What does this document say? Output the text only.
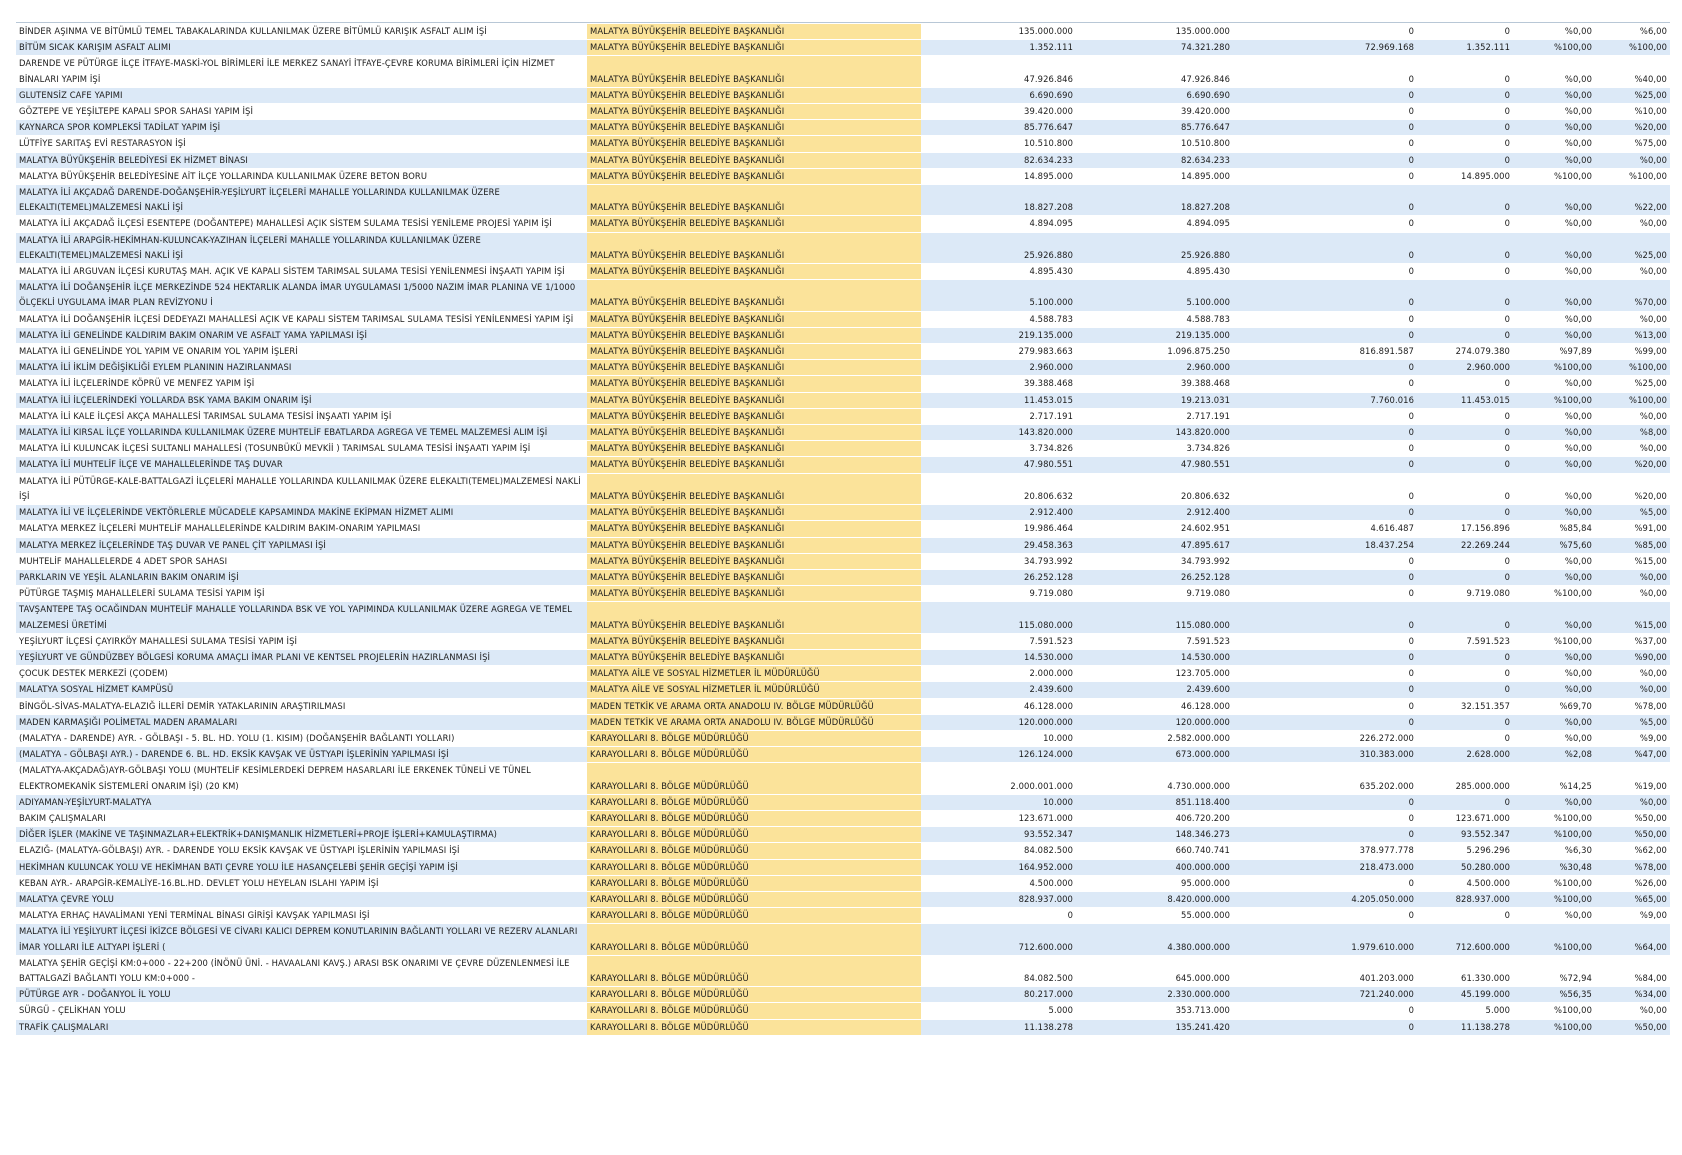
BİNDER AŞINMA VE BİTÜMLÜ TEMEL TABAKALARINDA KULLANILMAK ÜZERE BİTÜMLÜ KARIŞIK ASFALT ALIM İŞİ	MALATYA BÜYÜKŞEHİR BELEDİYE BAŞKANLIĞI	135.000.000	135.000.000	0	0	%0,00	%6,00
BİTÜM SICAK KARIŞIM ASFALT ALIMI	MALATYA BÜYÜKŞEHİR BELEDİYE BAŞKANLIĞI	1.352.111	74.321.280	72.969.168	1.352.111	%100,00	%100,00
DARENDE VE PÜTÜRGE İLÇE İTFAYE-MASKİ-YOL BİRİMLERİ İLE MERKEZ SANAYİ İTFAYE-ÇEVRE KORUMA BİRİMLERİ İÇİN HİZMET BİNALARI YAPIM İŞİ	MALATYA BÜYÜKŞEHİR BELEDİYE BAŞKANLIĞI	47.926.846	47.926.846	0	0	%0,00	%40,00
GLUTENSİZ CAFE YAPIMI	MALATYA BÜYÜKŞEHİR BELEDİYE BAŞKANLIĞI	6.690.690	6.690.690	0	0	%0,00	%25,00
GÖZTEPE VE YEŞİLTEPE KAPALI SPOR SAHASI YAPIM İŞİ	MALATYA BÜYÜKŞEHİR BELEDİYE BAŞKANLIĞI	39.420.000	39.420.000	0	0	%0,00	%10,00
KAYNARCA SPOR KOMPLEKSİ TADİLAT YAPIM İŞİ	MALATYA BÜYÜKŞEHİR BELEDİYE BAŞKANLIĞI	85.776.647	85.776.647	0	0	%0,00	%20,00
LÜTFİYE SARITAŞ EVİ RESTARASYON İŞİ	MALATYA BÜYÜKŞEHİR BELEDİYE BAŞKANLIĞI	10.510.800	10.510.800	0	0	%0,00	%75,00
MALATYA BÜYÜKŞEHİR BELEDİYESİ EK HİZMET BİNASI	MALATYA BÜYÜKŞEHİR BELEDİYE BAŞKANLIĞI	82.634.233	82.634.233	0	0	%0,00	%0,00
MALATYA BÜYÜKŞEHİR BELEDİYESİNE AİT İLÇE YOLLARINDA KULLANILMAK ÜZERE BETON BORU	MALATYA BÜYÜKŞEHİR BELEDİYE BAŞKANLIĞI	14.895.000	14.895.000	0	14.895.000	%100,00	%100,00
MALATYA İLİ AKÇADAĞ DARENDE-DOĞANŞEHİR-YEŞİLYURT İLÇELERİ MAHALLE YOLLARINDA KULLANILMAK ÜZERE ELEKALTI(TEMEL)MALZEMESİ NAKLİ İŞİ	MALATYA BÜYÜKŞEHİR BELEDİYE BAŞKANLIĞI	18.827.208	18.827.208	0	0	%0,00	%22,00
MALATYA İLİ AKÇADAĞ İLÇESİ ESENTEPE (DOĞANTEPE) MAHALLESİ AÇIK SİSTEM SULAMA TESİSİ YENİLEME PROJESİ YAPIM İŞİ	MALATYA BÜYÜKŞEHİR BELEDİYE BAŞKANLIĞI	4.894.095	4.894.095	0	0	%0,00	%0,00
MALATYA İLİ ARAPGİR-HEKİMHAN-KULUNCAK-YAZIHAN İLÇELERİ MAHALLE YOLLARINDA KULLANILMAK ÜZERE ELEKALTI(TEMEL)MALZEMESİ NAKLİ İŞİ	MALATYA BÜYÜKŞEHİR BELEDİYE BAŞKANLIĞI	25.926.880	25.926.880	0	0	%0,00	%25,00
MALATYA İLİ ARGUVAN İLÇESİ KURUTAŞ MAH. AÇIK VE KAPALI SİSTEM TARIMSAL SULAMA TESİSİ YENİLENMESİ İNŞAATI YAPIM İŞİ	MALATYA BÜYÜKŞEHİR BELEDİYE BAŞKANLIĞI	4.895.430	4.895.430	0	0	%0,00	%0,00
MALATYA İLİ DOĞANŞEHİR İLÇE MERKEZİNDE 524 HEKTARLIK ALANDA İMAR UYGULAMASI 1/5000 NAZIM İMAR PLANINA VE 1/1000 ÖLÇEKLİ UYGULAMA İMAR PLAN REVİZYONU İ	MALATYA BÜYÜKŞEHİR BELEDİYE BAŞKANLIĞI	5.100.000	5.100.000	0	0	%0,00	%70,00
MALATYA İLİ DOĞANŞEHİR İLÇESİ DEDEYAZI MAHALLESİ AÇIK VE KAPALI SİSTEM TARIMSAL SULAMA TESİSİ YENİLENMESİ YAPIM İŞİ	MALATYA BÜYÜKŞEHİR BELEDİYE BAŞKANLIĞI	4.588.783	4.588.783	0	0	%0,00	%0,00
MALATYA İLİ GENELİNDE KALDIRIM BAKIM ONARIM VE ASFALT YAMA YAPILMASI İŞİ	MALATYA BÜYÜKŞEHİR BELEDİYE BAŞKANLIĞI	219.135.000	219.135.000	0	0	%0,00	%13,00
MALATYA İLİ GENELİNDE YOL YAPIM VE ONARIM YOL YAPIM İŞLERİ	MALATYA BÜYÜKŞEHİR BELEDİYE BAŞKANLIĞI	279.983.663	1.096.875.250	816.891.587	274.079.380	%97,89	%99,00
MALATYA İLİ İKLİM DEĞİŞİKLİĞİ EYLEM PLANININ HAZIRLANMASI	MALATYA BÜYÜKŞEHİR BELEDİYE BAŞKANLIĞI	2.960.000	2.960.000	0	2.960.000	%100,00	%100,00
MALATYA İLİ İLÇELERİNDE KÖPRÜ VE MENFEZ YAPIM İŞİ	MALATYA BÜYÜKŞEHİR BELEDİYE BAŞKANLIĞI	39.388.468	39.388.468	0	0	%0,00	%25,00
MALATYA İLİ İLÇELERİNDEKİ YOLLARDA BSK YAMA BAKIM ONARIM İŞİ	MALATYA BÜYÜKŞEHİR BELEDİYE BAŞKANLIĞI	11.453.015	19.213.031	7.760.016	11.453.015	%100,00	%100,00
MALATYA İLİ KALE İLÇESİ AKÇA MAHALLESİ TARIMSAL SULAMA TESİSİ İNŞAATI YAPIM İŞİ	MALATYA BÜYÜKŞEHİR BELEDİYE BAŞKANLIĞI	2.717.191	2.717.191	0	0	%0,00	%0,00
MALATYA İLİ KIRSAL İLÇE YOLLARINDA KULLANILMAK ÜZERE MUHTELİF EBATLARDA AGREGA VE TEMEL MALZEMESİ ALIM İŞİ	MALATYA BÜYÜKŞEHİR BELEDİYE BAŞKANLIĞI	143.820.000	143.820.000	0	0	%0,00	%8,00
MALATYA İLİ KULUNCAK İLÇESİ SULTANLI MAHALLESİ (TOSUNBÜKÜ MEVKİİ ) TARIMSAL SULAMA TESİSİ İNŞAATI YAPIM İŞİ	MALATYA BÜYÜKŞEHİR BELEDİYE BAŞKANLIĞI	3.734.826	3.734.826	0	0	%0,00	%0,00
MALATYA İLİ MUHTELİF İLÇE VE MAHALLELERİNDE TAŞ DUVAR	MALATYA BÜYÜKŞEHİR BELEDİYE BAŞKANLIĞI	47.980.551	47.980.551	0	0	%0,00	%20,00
MALATYA İLİ PÜTÜRGE-KALE-BATTALGAZİ İLÇELERİ MAHALLE YOLLARINDA KULLANILMAK ÜZERE ELEKALTI(TEMEL)MALZEMESİ NAKLİ İŞİ	MALATYA BÜYÜKŞEHİR BELEDİYE BAŞKANLIĞI	20.806.632	20.806.632	0	0	%0,00	%20,00
MALATYA İLİ VE İLÇELERİNDE VEKTÖRLERLE MÜCADELE KAPSAMINDA MAKİNE EKİPMAN HİZMET ALIMI	MALATYA BÜYÜKŞEHİR BELEDİYE BAŞKANLIĞI	2.912.400	2.912.400	0	0	%0,00	%5,00
MALATYA MERKEZ İLÇELERİ MUHTELİF MAHALLELERİNDE KALDIRIM BAKIM-ONARIM YAPILMASI	MALATYA BÜYÜKŞEHİR BELEDİYE BAŞKANLIĞI	19.986.464	24.602.951	4.616.487	17.156.896	%85,84	%91,00
MALATYA MERKEZ İLÇELERİNDE TAŞ DUVAR VE PANEL ÇİT YAPILMASI İŞİ	MALATYA BÜYÜKŞEHİR BELEDİYE BAŞKANLIĞI	29.458.363	47.895.617	18.437.254	22.269.244	%75,60	%85,00
MUHTELİF MAHALLELERDE 4 ADET SPOR SAHASI	MALATYA BÜYÜKŞEHİR BELEDİYE BAŞKANLIĞI	34.793.992	34.793.992	0	0	%0,00	%15,00
PARKLARIN VE YEŞİL ALANLARIN BAKIM ONARIM İŞİ	MALATYA BÜYÜKŞEHİR BELEDİYE BAŞKANLIĞI	26.252.128	26.252.128	0	0	%0,00	%0,00
PÜTÜRGE TAŞMIŞ MAHALLELERİ SULAMA TESİSİ YAPIM İŞİ	MALATYA BÜYÜKŞEHİR BELEDİYE BAŞKANLIĞI	9.719.080	9.719.080	0	9.719.080	%100,00	%0,00
TAVŞANTEPE TAŞ OCAĞINDAN MUHTELİF MAHALLE YOLLARINDA BSK VE YOL YAPIMINDA KULLANILMAK ÜZERE AGREGA VE TEMEL MALZEMESİ ÜRETİMİ	MALATYA BÜYÜKŞEHİR BELEDİYE BAŞKANLIĞI	115.080.000	115.080.000	0	0	%0,00	%15,00
YEŞİLYURT İLÇESİ ÇAYIRKÖY MAHALLESİ SULAMA TESİSİ YAPIM İŞİ	MALATYA BÜYÜKŞEHİR BELEDİYE BAŞKANLIĞI	7.591.523	7.591.523	0	7.591.523	%100,00	%37,00
YEŞİLYURT VE GÜNDÜZBEY BÖLGESİ KORUMA AMAÇLI İMAR PLANI VE KENTSEL PROJELERİN HAZIRLANMASI İŞİ	MALATYA BÜYÜKŞEHİR BELEDİYE BAŞKANLIĞI	14.530.000	14.530.000	0	0	%0,00	%90,00
ÇOCUK DESTEK MERKEZİ (ÇODEM)	MALATYA AİLE VE SOSYAL HİZMETLER İL MÜDÜRLÜĞÜ	2.000.000	123.705.000	0	0	%0,00	%0,00
MALATYA SOSYAL HİZMET KAMPÜSÜ	MALATYA AİLE VE SOSYAL HİZMETLER İL MÜDÜRLÜĞÜ	2.439.600	2.439.600	0	0	%0,00	%0,00
BİNGÖL-SİVAS-MALATYA-ELAZIĞ İLLERİ DEMİR YATAKLARININ ARAŞTIRILMASI	MADEN TETKİK VE ARAMA ORTA ANADOLU IV. BÖLGE MÜDÜRLÜĞÜ	46.128.000	46.128.000	0	32.151.357	%69,70	%78,00
MADEN KARMAŞIĞI POLİMETAL MADEN ARAMALARI	MADEN TETKİK VE ARAMA ORTA ANADOLU IV. BÖLGE MÜDÜRLÜĞÜ	120.000.000	120.000.000	0	0	%0,00	%5,00
(MALATYA - DARENDE) AYR. - GÖLBAŞI - 5. BL. HD. YOLU (1. KISIM) (DOĞANŞEHİR BAĞLANTI YOLLARI)	KARAYOLLARI 8. BÖLGE MÜDÜRLÜĞÜ	10.000	2.582.000.000	226.272.000	0	%0,00	%9,00
(MALATYA - GÖLBAŞI AYR.) - DARENDE 6. BL. HD. EKSİK KAVŞAK VE ÜSTYAPI İŞLERİNİN YAPILMASI İŞİ	KARAYOLLARI 8. BÖLGE MÜDÜRLÜĞÜ	126.124.000	673.000.000	310.383.000	2.628.000	%2,08	%47,00
(MALATYA-AKÇADAĞ)AYR-GÖLBAŞI YOLU (MUHTELİF KESİMLERDEKİ DEPREM HASARLARI İLE ERKENEK TÜNELİ VE TÜNEL ELEKTROMEKANİK SİSTEMLERİ ONARIM İŞİ) (20 KM)	KARAYOLLARI 8. BÖLGE MÜDÜRLÜĞÜ	2.000.001.000	4.730.000.000	635.202.000	285.000.000	%14,25	%19,00
ADIYAMAN-YEŞİLYURT-MALATYA	KARAYOLLARI 8. BÖLGE MÜDÜRLÜĞÜ	10.000	851.118.400	0	0	%0,00	%0,00
BAKIM ÇALIŞMALARI	KARAYOLLARI 8. BÖLGE MÜDÜRLÜĞÜ	123.671.000	406.720.200	0	123.671.000	%100,00	%50,00
DİĞER İŞLER (MAKİNE VE TAŞINMAZLAR+ELEKTRİK+DANIŞMANLIK HİZMETLERİ+PROJE İŞLERİ+KAMULAŞTIRMA)	KARAYOLLARI 8. BÖLGE MÜDÜRLÜĞÜ	93.552.347	148.346.273	0	93.552.347	%100,00	%50,00
ELAZIĞ- (MALATYA-GÖLBAŞI) AYR. - DARENDE YOLU EKSİK KAVŞAK VE ÜSTYAPI İŞLERİNİN YAPILMASI İŞİ	KARAYOLLARI 8. BÖLGE MÜDÜRLÜĞÜ	84.082.500	660.740.741	378.977.778	5.296.296	%6,30	%62,00
HEKİMHAN KULUNCAK YOLU VE HEKİMHAN BATI ÇEVRE YOLU İLE HASANÇELEBİ ŞEHİR GEÇİŞİ YAPIM İŞİ	KARAYOLLARI 8. BÖLGE MÜDÜRLÜĞÜ	164.952.000	400.000.000	218.473.000	50.280.000	%30,48	%78,00
KEBAN AYR.- ARAPGİR-KEMALİYE-16.BL.HD. DEVLET YOLU HEYELAN ISLAHI YAPIM İŞİ	KARAYOLLARI 8. BÖLGE MÜDÜRLÜĞÜ	4.500.000	95.000.000	0	4.500.000	%100,00	%26,00
MALATYA ÇEVRE YOLU	KARAYOLLARI 8. BÖLGE MÜDÜRLÜĞÜ	828.937.000	8.420.000.000	4.205.050.000	828.937.000	%100,00	%65,00
MALATYA ERHAÇ HAVALİMANI YENİ TERMİNAL BİNASI GİRİŞİ KAVŞAK YAPILMASI İŞİ	KARAYOLLARI 8. BÖLGE MÜDÜRLÜĞÜ	0	55.000.000	0	0	%0,00	%9,00
MALATYA İLİ YEŞİLYURT İLÇESİ İKİZCE BÖLGESİ VE CİVARI KALICI DEPREM KONUTLARININ BAĞLANTI YOLLARI VE REZERV ALANLARI İMAR YOLLARI İLE ALTYAPI İŞLERİ (	KARAYOLLARI 8. BÖLGE MÜDÜRLÜĞÜ	712.600.000	4.380.000.000	1.979.610.000	712.600.000	%100,00	%64,00
MALATYA ŞEHİR GEÇİŞİ KM:0+000 - 22+200 (İNÖNÜ ÜNİ. - HAVAALANI KAVŞ.) ARASI BSK ONARIMI VE ÇEVRE DÜZENLENMESİ İLE BATTALGAZİ BAĞLANTI YOLU KM:0+000 -	KARAYOLLARI 8. BÖLGE MÜDÜRLÜĞÜ	84.082.500	645.000.000	401.203.000	61.330.000	%72,94	%84,00
PÜTÜRGE AYR - DOĞANYOL İL YOLU	KARAYOLLARI 8. BÖLGE MÜDÜRLÜĞÜ	80.217.000	2.330.000.000	721.240.000	45.199.000	%56,35	%34,00
SÜRGÜ - ÇELİKHAN YOLU	KARAYOLLARI 8. BÖLGE MÜDÜRLÜĞÜ	5.000	353.713.000	0	5.000	%100,00	%0,00
TRAFİK ÇALIŞMALARI	KARAYOLLARI 8. BÖLGE MÜDÜRLÜĞÜ	11.138.278	135.241.420	0	11.138.278	%100,00	%50,00
